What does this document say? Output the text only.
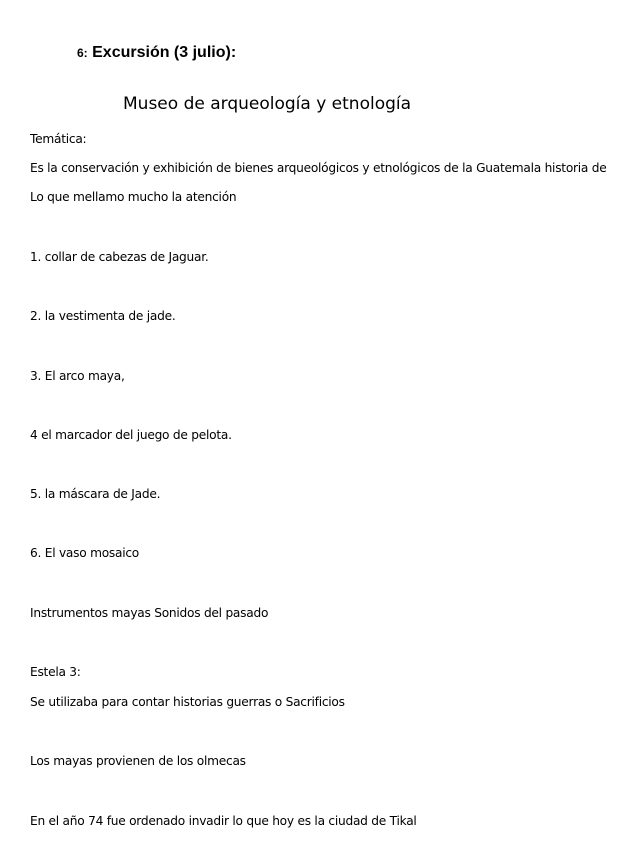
6: Excursión (3 julio):
Museo de arqueología y etnología
Temática:
Es la conservación y exhibición de bienes arqueológicos y etnológicos de la Guatemala historia de
Lo que mellamo mucho la atención
1. collar de cabezas de Jaguar.
2. la vestimenta de jade.
3. El arco maya,
4 el marcador del juego de pelota.
5. la máscara de Jade.
6. El vaso mosaico
Instrumentos mayas Sonidos del pasado
Estela 3:
Se utilizaba para contar historias guerras o Sacrificios
Los mayas provienen de los olmecas
En el año 74 fue ordenado invadir lo que hoy es la ciudad de Tikal
